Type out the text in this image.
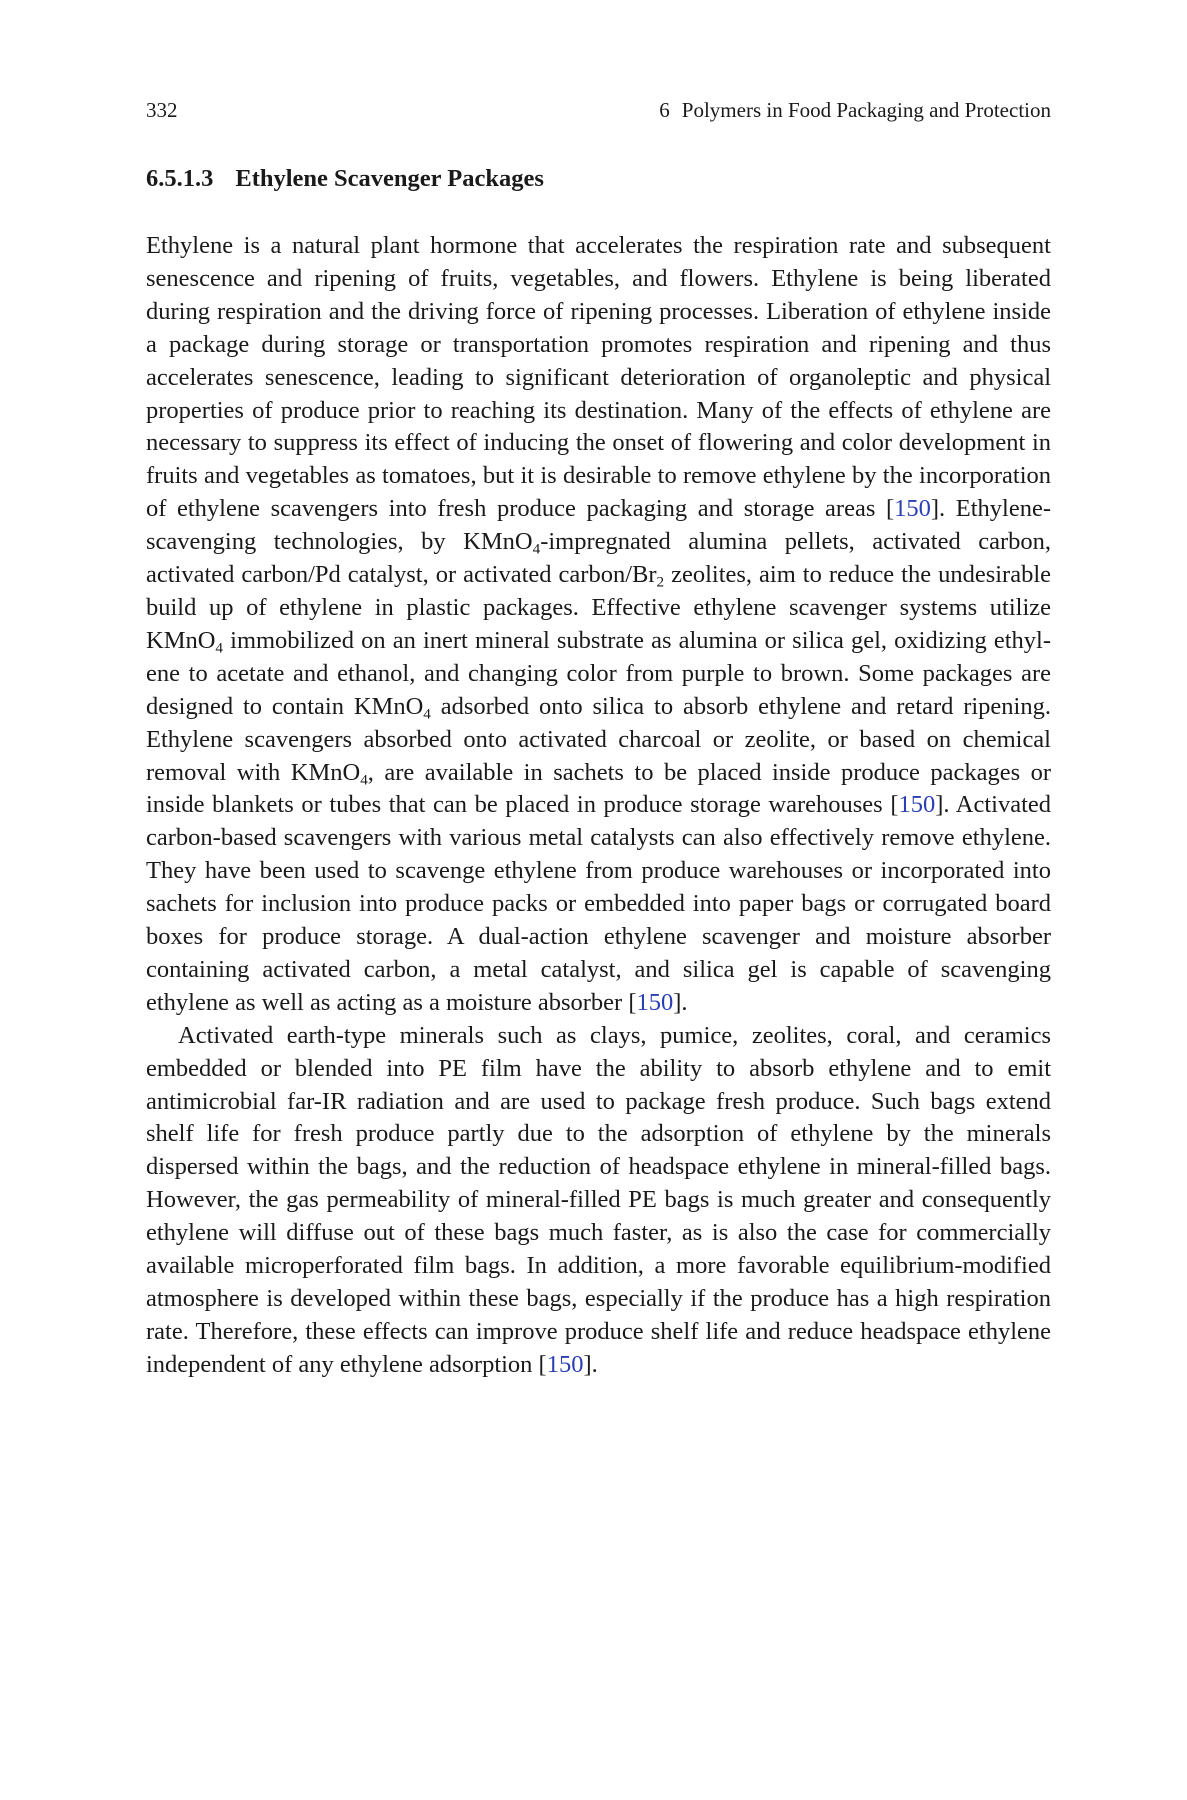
332	6 Polymers in Food Packaging and Protection
6.5.1.3 Ethylene Scavenger Packages

Ethylene is a natural plant hormone that accelerates the respiration rate and subsequent senescence and ripening of fruits, vegetables, and flowers. Ethylene is being liberated during respiration and the driving force of ripening processes. Liberation of ethylene inside a package during storage or transportation promotes respiration and ripening and thus accelerates senescence, leading to significant deterioration of organoleptic and physical properties of produce prior to reaching its destination. Many of the effects of ethylene are necessary to suppress its effect of inducing the onset of flowering and color development in fruits and vegetables as tomatoes, but it is desirable to remove ethylene by the incorporation of ethylene scavengers into fresh produce packaging and storage areas [150]. Ethylene-scavenging technologies, by KMnO$_4$-impregnated alumina pellets, activated carbon, activated carbon/Pd catalyst, or activated carbon/$Br_2$ zeolites, aim to reduce the undesirable build up of ethylene in plastic packages. Effective ethylene scavenger systems utilize KMnO$_4$ immobilized on an inert mineral substrate as alumina or silica gel, oxidizing ethylene to acetate and ethanol, and changing color from purple to brown. Some packages are designed to contain KMnO$_4$ adsorbed onto silica to absorb ethylene and retard ripening. Ethylene scavengers absorbed onto activated charcoal or zeolite, or based on chemical removal with KMnO$_4$, are available in sachets to be placed inside produce packages or inside blankets or tubes that can be placed in produce storage warehouses [150]. Activated carbon-based scavengers with various metal catalysts can also effectively remove ethylene. They have been used to scavenge ethylene from produce warehouses or incorporated into sachets for inclusion into produce packs or embedded into paper bags or corrugated board boxes for produce storage. A dual-action ethylene scavenger and moisture absorber containing activated carbon, a metal catalyst, and silica gel is capable of scavenging ethylene as well as acting as a moisture absorber [150].

Activated earth-type minerals such as clays, pumice, zeolites, coral, and ceramics embedded or blended into PE film have the ability to absorb ethylene and to emit antimicrobial far-IR radiation and are used to package fresh produce. Such bags extend shelf life for fresh produce partly due to the adsorption of ethylene by the minerals dispersed within the bags, and the reduction of headspace ethylene in mineral-filled bags. However, the gas permeability of mineral-filled PE bags is much greater and consequently ethylene will diffuse out of these bags much faster, as is also the case for commercially available microperforated film bags. In addition, a more favorable equilibrium-modified atmosphere is developed within these bags, especially if the produce has a high respiration rate. Therefore, these effects can improve produce shelf life and reduce headspace ethylene independent of any ethylene adsorption [150].
